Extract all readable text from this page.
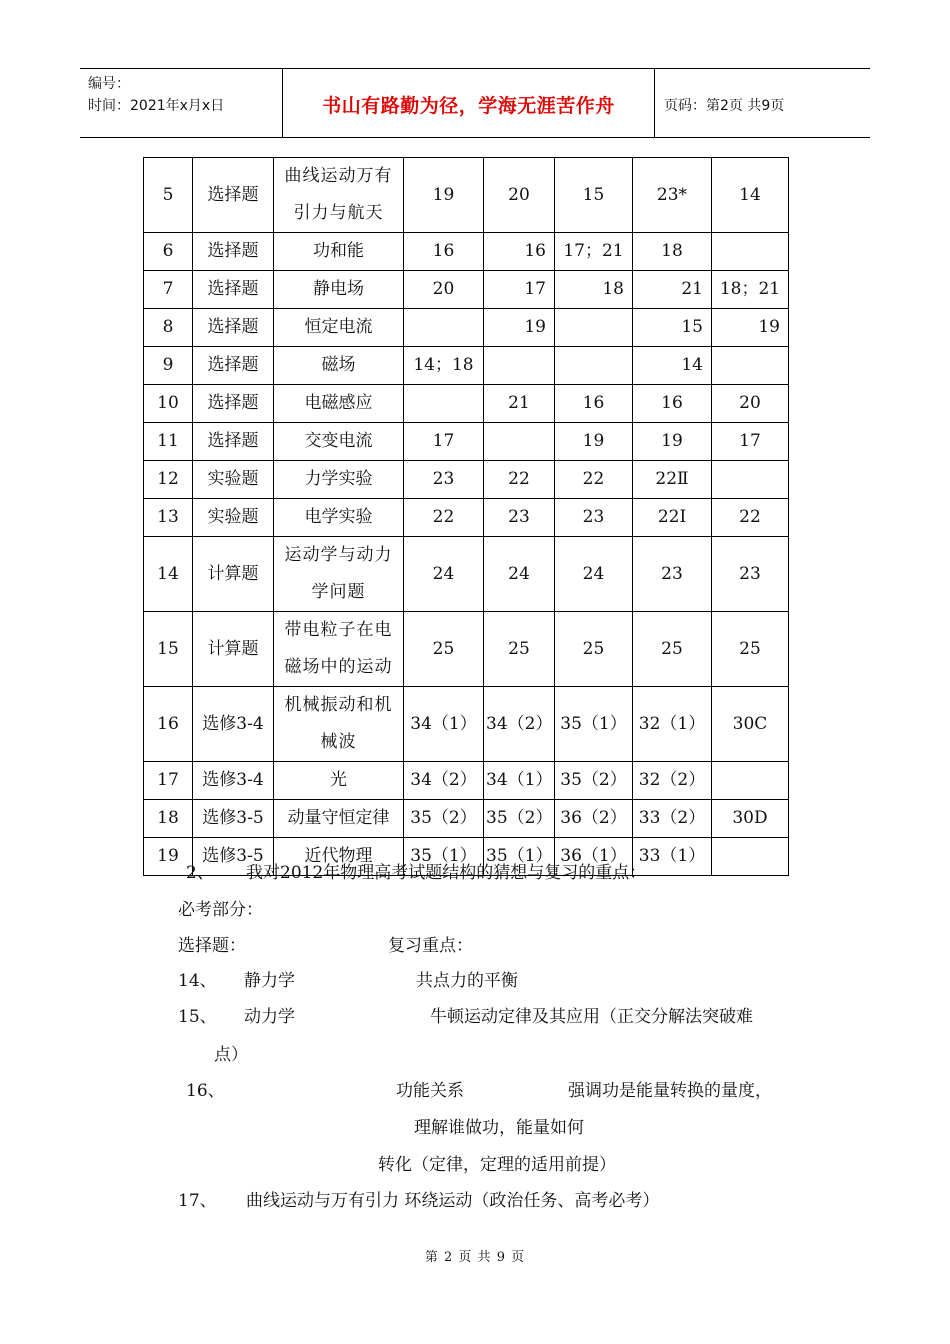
编号：
时间：2021年x月x日	书山有路勤为径，学海无涯苦作舟	页码：第2页 共9页
5	选择题	曲线运动万有引力与航天	19	20	15	23*	14
6	选择题	功和能	16	16	17；21	18	
7	选择题	静电场	20	17	18	21	18；21
8	选择题	恒定电流		19		15	19
9	选择题	磁场	14；18			14	
10	选择题	电磁感应		21	16	16	20
11	选择题	交变电流	17		19	19	17
12	实验题	力学实验	23	22	22	22Ⅱ	
13	实验题	电学实验	22	23	23	22Ⅰ	22
14	计算题	运动学与动力学问题	24	24	24	23	23
15	计算题	带电粒子在电磁场中的运动	25	25	25	25	25
16	选修3-4	机械振动和机械波	34（1）	34（2）	35（1）	32（1）	30C
17	选修3-4	光	34（2）	34（1）	35（2）	32（2）	
18	选修3-5	动量守恒定律	35（2）	35（2）	36（2）	33（2）	30D
19	选修3-5	近代物理	35（1）	35（1）	36（1）	33（1）	
2、 我对2012年物理高考试题结构的猜想与复习的重点：
必考部分：
选择题：	复习重点：
14、 静力学	共点力的平衡
15、 动力学	牛顿运动定律及其应用（正交分解法突破难
点）
16、	功能关系	强调功是能量转换的量度，
理解谁做功，能量如何
转化（定律，定理的适用前提）
17、 曲线运动与万有引力 环绕运动（政治任务、高考必考）
第 2 页 共 9 页
